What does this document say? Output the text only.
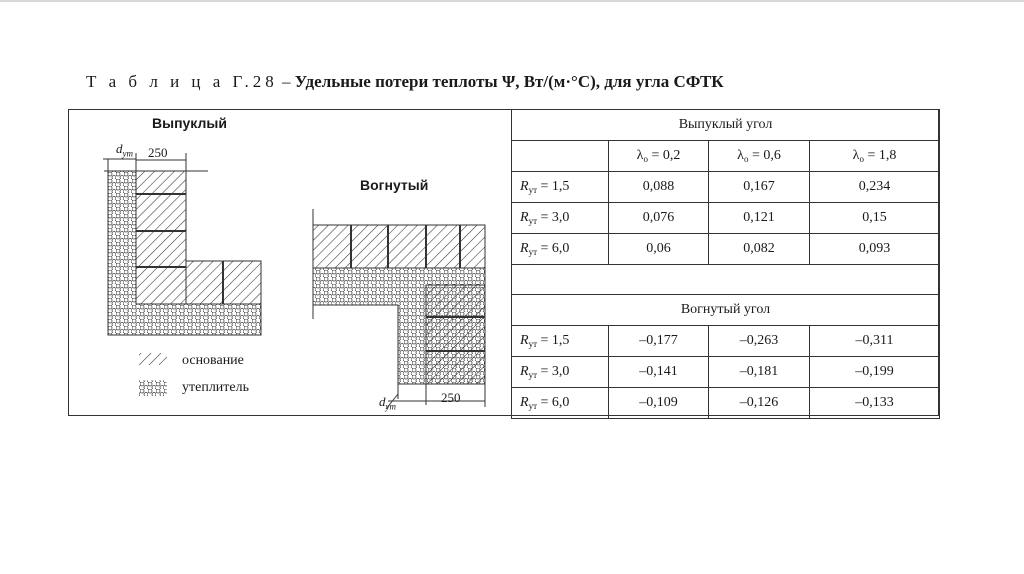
Т а б л и ц а Г.28 – Удельные потери теплоты Ψ, Вт/(м·°С), для угла СФТК
Выпуклый
Вогнутый
$d_{ут}$ 250
$d_{ут}$
250
основание
утеплитель
Выпуклый угол			
	$\lambda_о = 0,2$	$\lambda_о = 0,6$	$\lambda_о = 1,8$
$R_{ут} = 1,5$	0,088	0,167	0,234
$R_{ут} = 3,0$	0,076	0,121	0,15
$R_{ут} = 6,0$	0,06	0,082	0,093

Вогнутый угол			
$R_{ут} = 1,5$	–0,177	–0,263	–0,311
$R_{ут} = 3,0$	–0,141	–0,181	–0,199
$R_{ут} = 6,0$	–0,109	–0,126	–0,133
